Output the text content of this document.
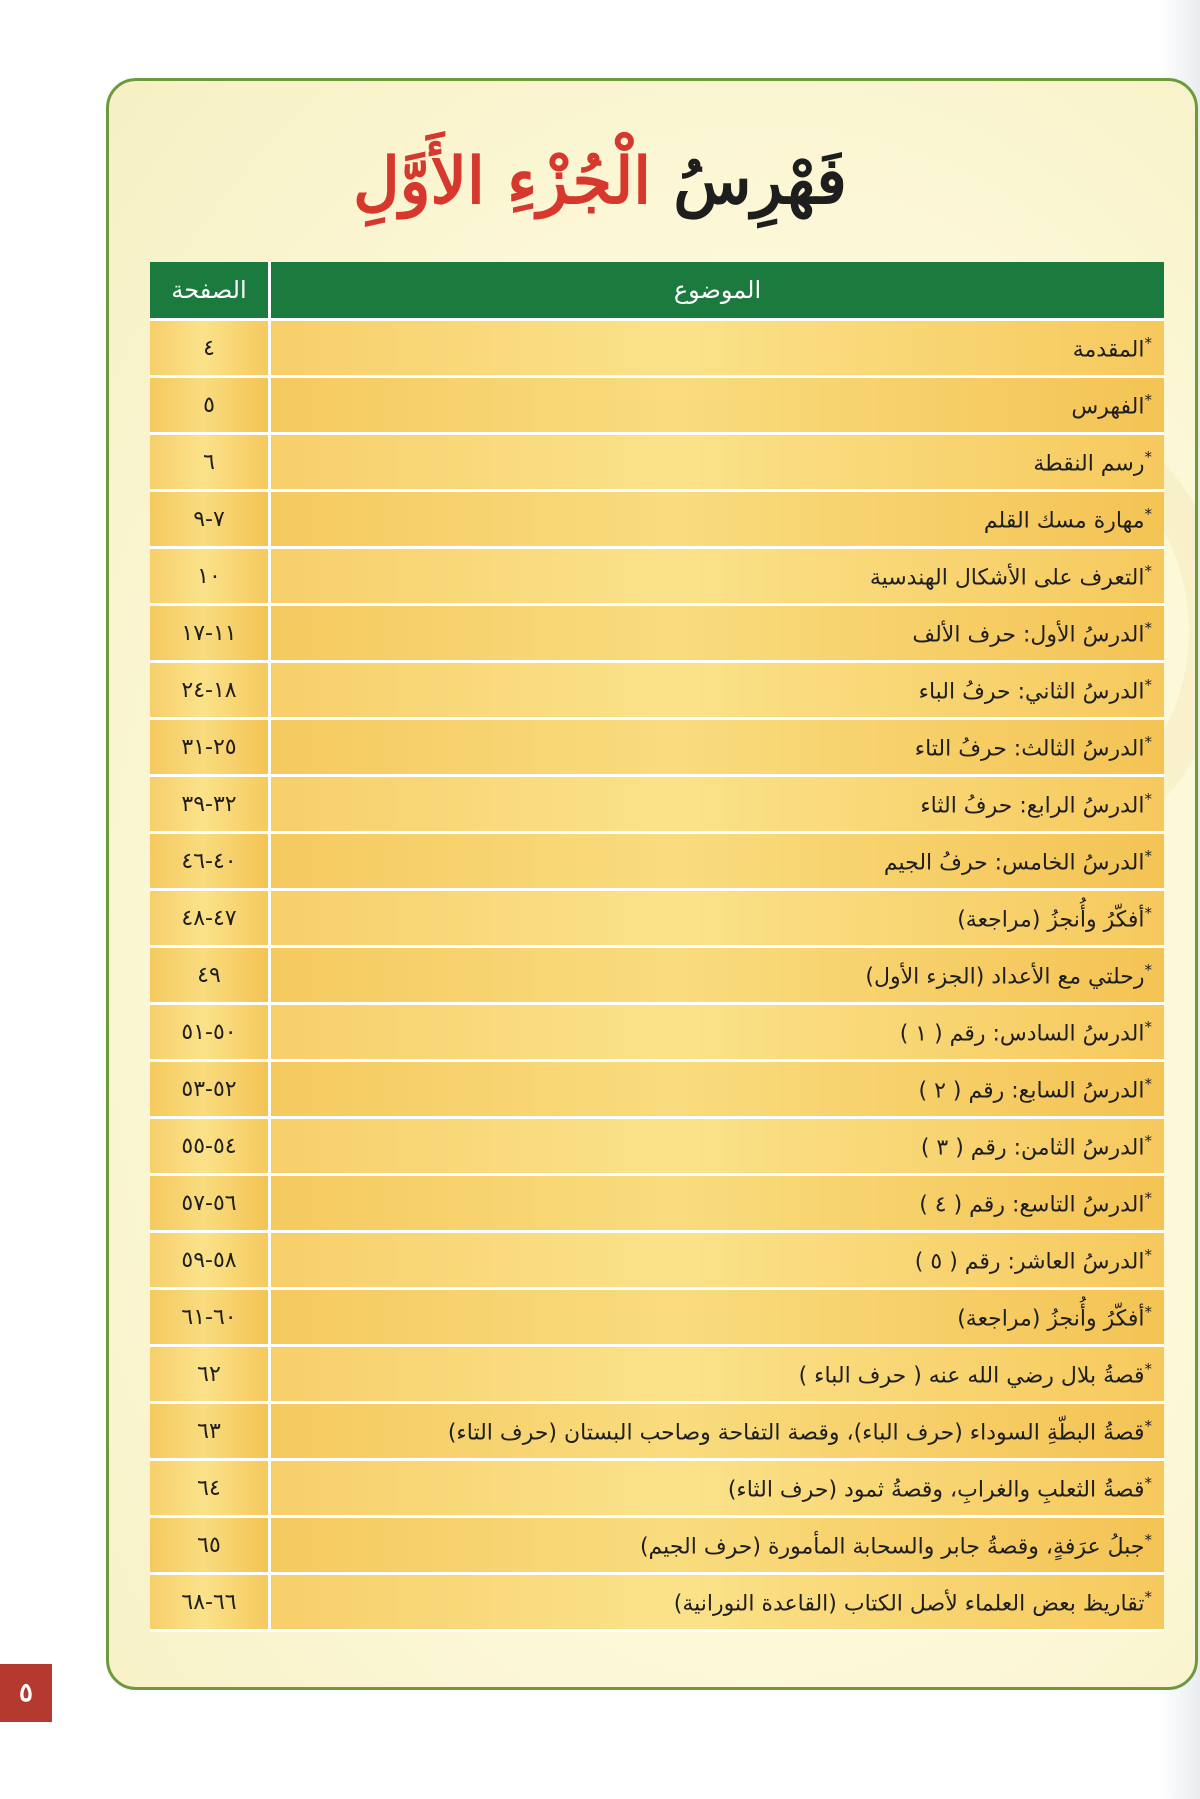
فَهْرِسُ الْجُزْءِ الأَوَّلِ
الموضوع	الصفحة
*المقدمة	٤
*الفهرس	٥
*رسم النقطة	٦
*مهارة مسك القلم	٧-٩
*التعرف على الأشكال الهندسية	١٠
*الدرسُ الأول: حرف الألف	١١-١٧
*الدرسُ الثاني: حرفُ الباء	١٨-٢٤
*الدرسُ الثالث: حرفُ التاء	٢٥-٣١
*الدرسُ الرابع: حرفُ الثاء	٣٢-٣٩
*الدرسُ الخامس: حرفُ الجيم	٤٠-٤٦
*أفكّرُ وأُنجزُ (مراجعة)	٤٧-٤٨
*رحلتي مع الأعداد (الجزء الأول)	٤٩
*الدرسُ السادس: رقم ( ١ )	٥٠-٥١
*الدرسُ السابع: رقم ( ٢ )	٥٢-٥٣
*الدرسُ الثامن: رقم ( ٣ )	٥٤-٥٥
*الدرسُ التاسع: رقم ( ٤ )	٥٦-٥٧
*الدرسُ العاشر: رقم ( ٥ )	٥٨-٥٩
*أفكّرُ وأُنجزُ (مراجعة)	٦٠-٦١
*قصةُ بلال رضي الله عنه ( حرف الباء )	٦٢
*قصةُ البطّةِ السوداء (حرف الباء)، وقصة التفاحة وصاحب البستان (حرف التاء)	٦٣
*قصةُ الثعلبِ والغرابِ، وقصةُ ثمود (حرف الثاء)	٦٤
*جبلُ عرَفةٍ، وقصةُ جابر والسحابة المأمورة (حرف الجيم)	٦٥
*تقاريظ بعض العلماء لأصل الكتاب (القاعدة النورانية)	٦٦-٦٨
٥
